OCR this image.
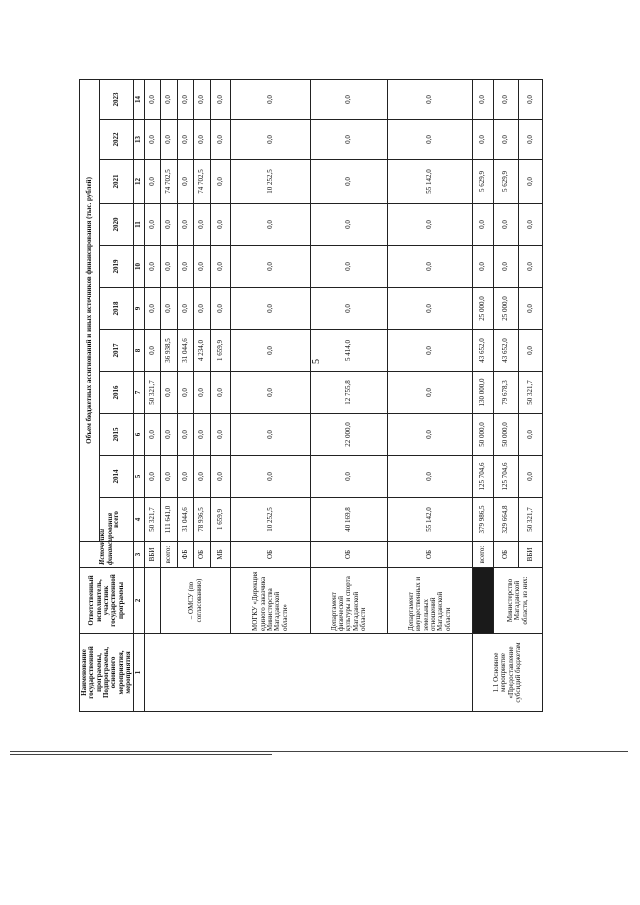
5
Наименование государственной программы, Подпрограммы, основного мероприятия, мероприятия	Ответственный исполнитель, участник государственной программы	Источники финансирования	Объем бюджетных ассигнований и иных источников финансирования (тыс. рублей)										
			всего	2014	2015	2016	2017	2018	2019	2020	2021	2022	2023
1	2	3	4	5	6	7	8	9	10	11	12	13	14
		ВБИ	50 321,7	0,0	0,0	50 321,7	0,0	0,0	0,0	0,0	0,0	0,0	0,0
	– ОМСУ (по согласованию)	всего:	111 641,0	0,0	0,0	0,0	36 938,5	0,0	0,0	0,0	74 702,5	0,0	0,0
		ФБ	31 044,6	0,0	0,0	0,0	31 044,6	0,0	0,0	0,0	0,0	0,0	0,0
		ОБ	78 936,5	0,0	0,0	0,0	4 234,0	0,0	0,0	0,0	74 702,5	0,0	0,0
		МБ	1 659,9	0,0	0,0	0,0	1 659,9	0,0	0,0	0,0	0,0	0,0	0,0
	МОГКУ «Дирекция единого заказчика Министерства Магаданской области»	ОБ	10 252,5	0,0	0,0	0,0	0,0	0,0	0,0	0,0	10 252,5	0,0	0,0
	Департамент физической культуры и спорта Магаданской области	ОБ	40 169,8	0,0	22 000,0	12 755,8	5 414,0	0,0	0,0	0,0	0,0	0,0	0,0
	Департамент имущественных и земельных отношений Магаданской области	ОБ	55 142,0	0,0	0,0	0,0	0,0	0,0	0,0	0,0	55 142,0	0,0	0,0
1.1 Основное мероприятие «Предоставление субсидий бюджетам		всего:	379 986,5	125 704,6	50 000,0	130 000,0	43 652,0	25 000,0	0,0	0,0	5 629,9	0,0	0,0
	Министерство Магаданской области, из них:	ОБ	329 664,8	125 704,6	50 000,0	79 678,3	43 652,0	25 000,0	0,0	0,0	5 629,9	0,0	0,0
		ВБИ	50 321,7	0,0	0,0	50 321,7	0,0	0,0	0,0	0,0	0,0	0,0	0,0
